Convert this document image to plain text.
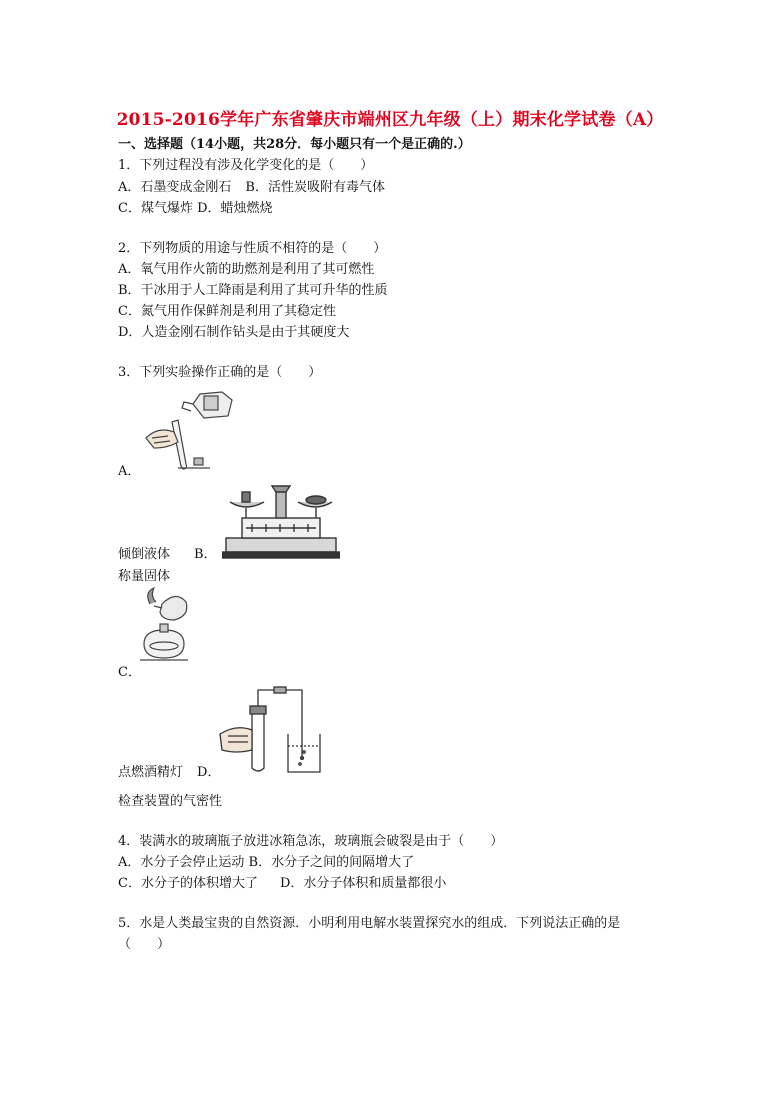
2015-2016学年广东省肇庆市端州区九年级（上）期末化学试卷（A）
一、选择题（14小题，共28分．每小题只有一个是正确的.）
1．下列过程没有涉及化学变化的是（　　）
A．石墨变成金刚石 B．活性炭吸附有毒气体
C．煤气爆炸 D．蜡烛燃烧
2．下列物质的用途与性质不相符的是（　　）
A．氧气用作火箭的助燃剂是利用了其可燃性
B．干冰用于人工降雨是利用了其可升华的性质
C．氮气用作保鲜剂是利用了其稳定性
D．人造金刚石制作钻头是由于其硬度大
3．下列实验操作正确的是（　　）
A．
倾倒液体 B．
称量固体
C．
点燃酒精灯 D．
检查装置的气密性
4．装满水的玻璃瓶子放进冰箱急冻，玻璃瓶会破裂是由于（　　）
A．水分子会停止运动 B．水分子之间的间隔增大了
C．水分子的体积增大了 D．水分子体积和质量都很小
5．水是人类最宝贵的自然资源．小明利用电解水装置探究水的组成．下列说法正确的是
（　　）
